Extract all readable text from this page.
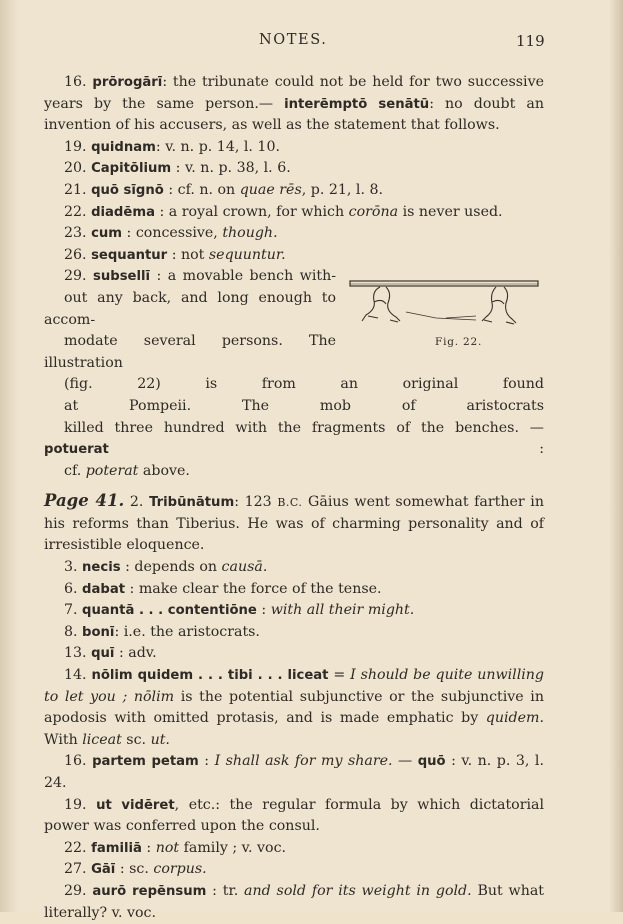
NOTES.	119

16. prōrogārī: the tribunate could not be held for two successive years by the same person.— interēmptō senātū: no doubt an invention of his accusers, as well as the statement that follows.

19. quidnam: v. n. p. 14, l. 10.

20. Capitōlium : v. n. p. 38, l. 6.

21. quō sīgnō : cf. n. on quae rēs, p. 21, l. 8.

22. diadēma : a royal crown, for which corōna is never used.

23. cum : concessive, though.

26. sequantur : not sequuntur.

Fig. 22.

29. subsellī : a movable bench with-

out any back, and long enough to accom-

modate several persons. The illustration

(fig. 22) is from an original found

at Pompeii. The mob of aristocrats

killed three hundred with the fragments of the benches. — potuerat :

cf. poterat above.

Page 41. 2. Tribūnātum: 123 B.C. Gāius went somewhat farther in his reforms than Tiberius. He was of charming personality and of irresistible eloquence.

3. necis : depends on causā.

6. dabat : make clear the force of the tense.

7. quantā . . . contentiōne : with all their might.

8. bonī: i.e. the aristocrats.

13. quī : adv.

14. nōlim quidem . . . tibi . . . liceat = I should be quite unwilling to let you ; nōlim is the potential subjunctive or the subjunctive in apodosis with omitted protasis, and is made emphatic by quidem. With liceat sc. ut.

16. partem petam : I shall ask for my share. — quō : v. n. p. 3, l. 24.

19. ut vidēret, etc.: the regular formula by which dictatorial power was conferred upon the consul.

22. familiā : not family ; v. voc.

27. Gāī : sc. corpus.

29. aurō repēnsum : tr. and sold for its weight in gold. But what literally? v. voc.
